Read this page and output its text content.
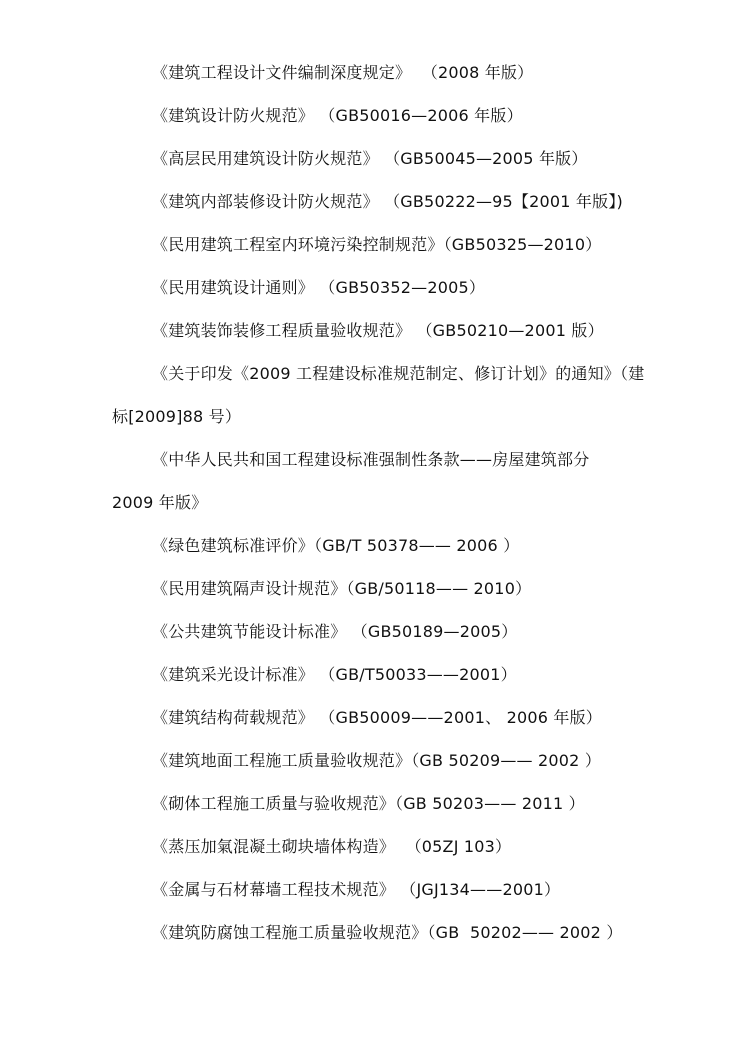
《建筑工程设计文件编制深度规定》  （2008 年版）
《建筑设计防火规范》 （GB50016—2006 年版）
《高层民用建筑设计防火规范》 （GB50045—2005 年版）
《建筑内部装修设计防火规范》 （GB50222—95【2001 年版】)
《民用建筑工程室内环境污染控制规范》（GB50325—2010）
《民用建筑设计通则》 （GB50352—2005）
《建筑装饰装修工程质量验收规范》 （GB50210—2001 版）
《关于印发《2009 工程建设标准规范制定、修订计划》的通知》（建
标[2009]88 号）
《中华人民共和国工程建设标准强制性条款——房屋建筑部分
2009 年版》
《绿色建筑标准评价》（GB/T 50378—— 2006 ）
《民用建筑隔声设计规范》（GB/50118—— 2010）
《公共建筑节能设计标准》 （GB50189—2005）
《建筑采光设计标准》 （GB/T50033——2001）
《建筑结构荷载规范》 （GB50009——2001、 2006 年版）
《建筑地面工程施工质量验收规范》（GB 50209—— 2002 ）
《砌体工程施工质量与验收规范》（GB 50203—— 2011 ）
《蒸压加氣混凝土砌块墙体构造》  （05ZJ 103）
《金属与石材幕墙工程技术规范》 （JGJ134——2001）
《建筑防腐蚀工程施工质量验收规范》（GB  50202—— 2002 ）
